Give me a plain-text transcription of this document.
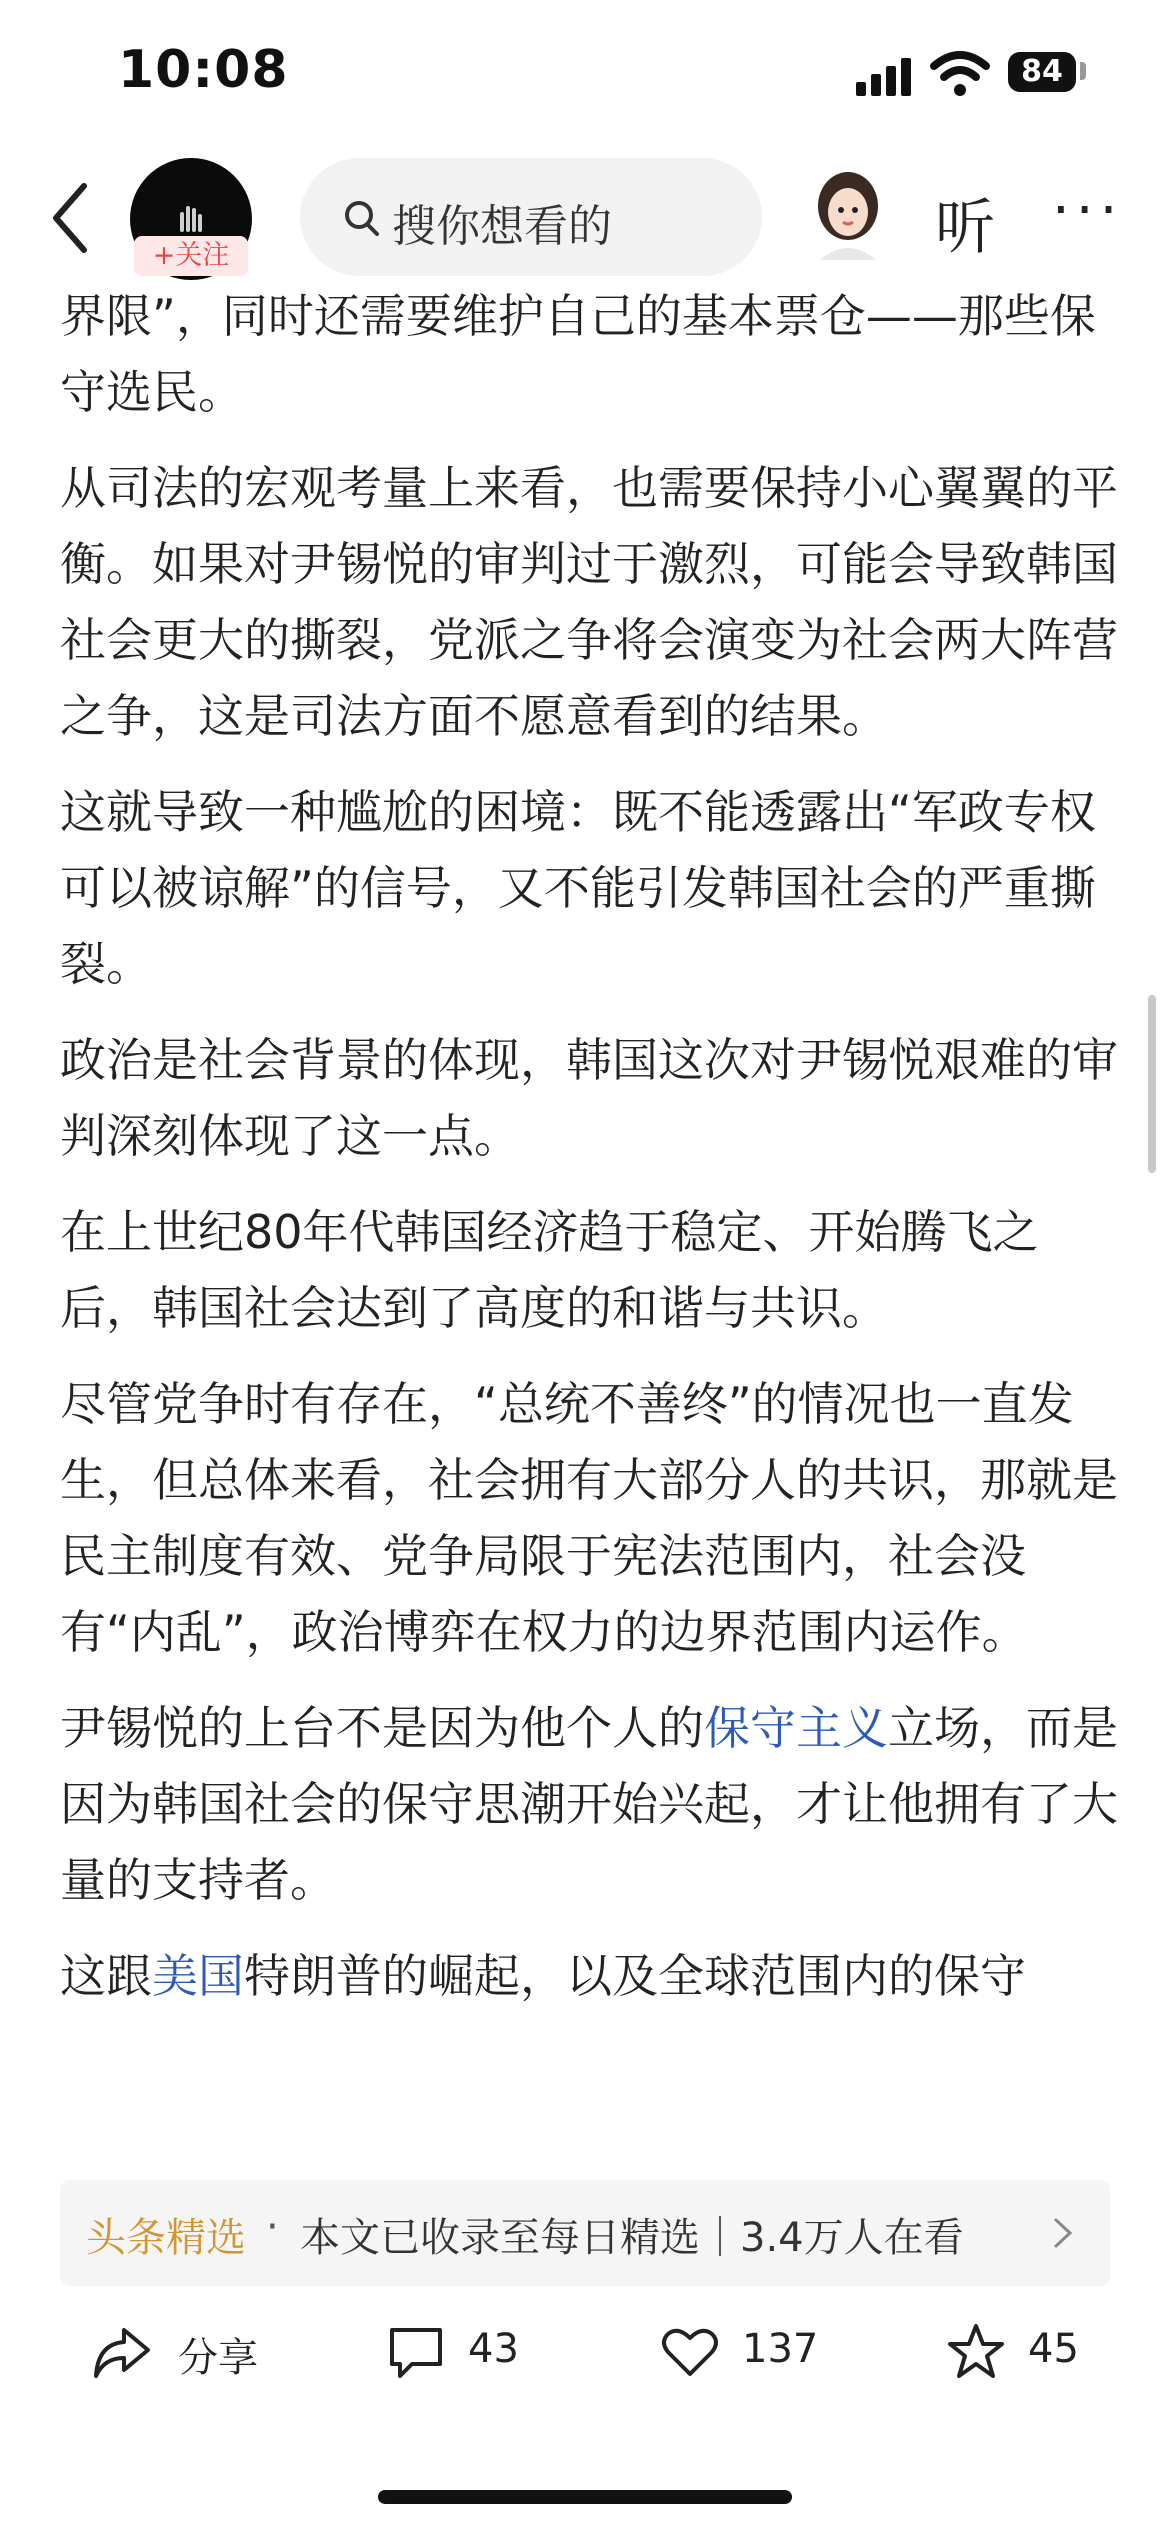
10:08	84
+关注
搜你想看的	听 ···

界限”，同时还需要维护自己的基本票仓——那些保守选民。

从司法的宏观考量上来看，也需要保持小心翼翼的平衡。如果对尹锡悦的审判过于激烈，可能会导致韩国社会更大的撕裂，党派之争将会演变为社会两大阵营之争，这是司法方面不愿意看到的结果。

这就导致一种尴尬的困境：既不能透露出“军政专权可以被谅解”的信号，又不能引发韩国社会的严重撕裂。

政治是社会背景的体现，韩国这次对尹锡悦艰难的审判深刻体现了这一点。

在上世纪80年代韩国经济趋于稳定、开始腾飞之后，韩国社会达到了高度的和谐与共识。

尽管党争时有存在，“总统不善终”的情况也一直发生，但总体来看，社会拥有大部分人的共识，那就是民主制度有效、党争局限于宪法范围内，社会没有“内乱”，政治博弈在权力的边界范围内运作。

尹锡悦的上台不是因为他个人的保守主义立场，而是因为韩国社会的保守思潮开始兴起，才让他拥有了大量的支持者。

这跟美国特朗普的崛起，以及全球范围内的保守

头条精选 · 本文已收录至每日精选｜3.4万人在看
分享	43	137	45
